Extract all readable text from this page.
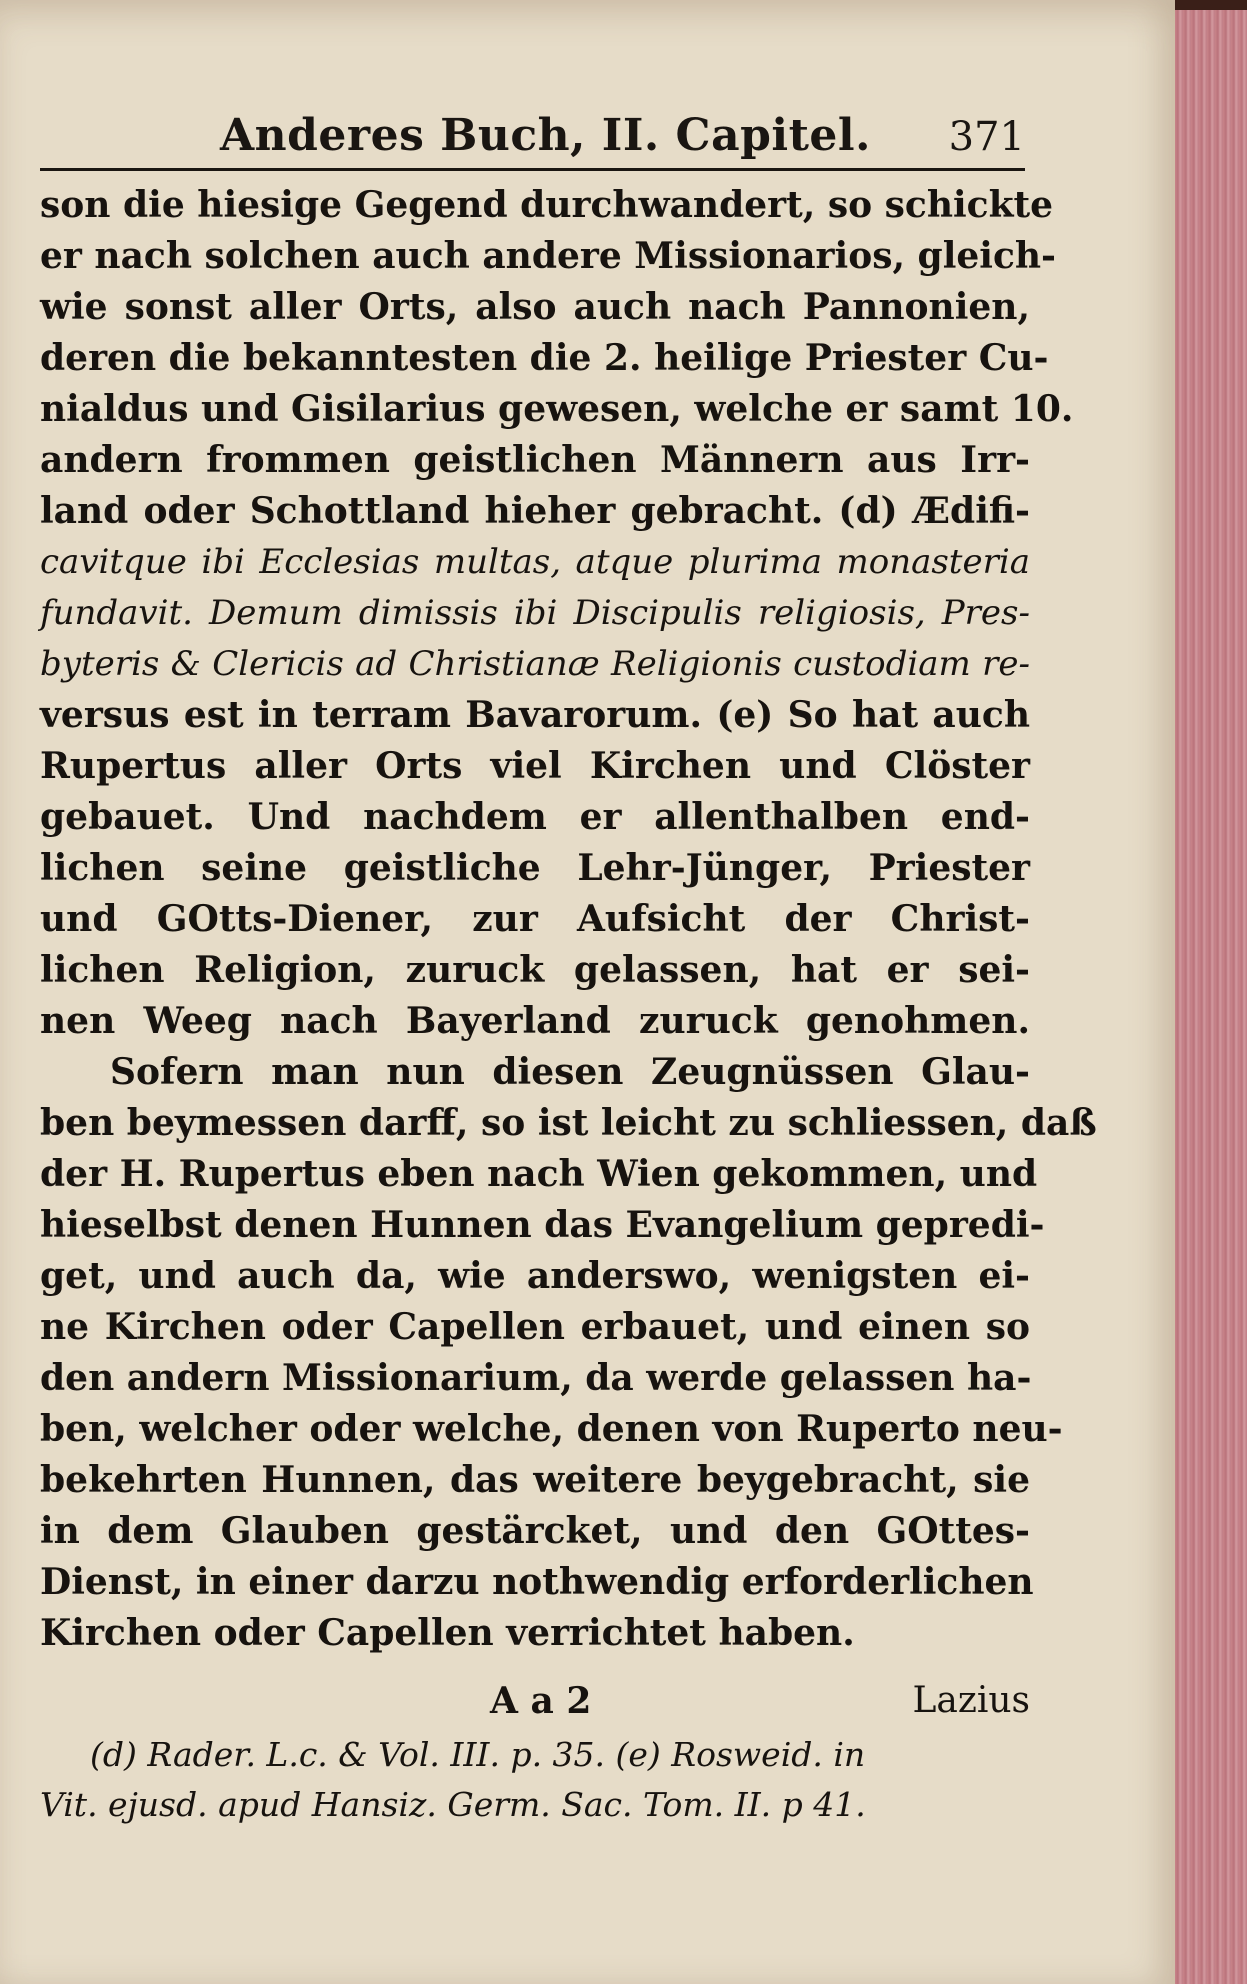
Anderes Buch, II. Capitel. 371
son die hiesige Gegend durchwandert, so schickte
er nach solchen auch andere Missionarios, gleich-
wie sonst aller Orts, also auch nach Pannonien,
deren die bekanntesten die 2. heilige Priester Cu-
nialdus und Gisilarius gewesen, welche er samt 10.
andern frommen geistlichen Männern aus Irr-
land oder Schottland hieher gebracht. (d) Ædifi-
cavitque ibi Ecclesias multas, atque plurima monasteria
fundavit. Demum dimissis ibi Discipulis religiosis, Pres-
byteris & Clericis ad Christianæ Religionis custodiam re-
versus est in terram Bavarorum. (e) So hat auch
Rupertus aller Orts viel Kirchen und Clöster
gebauet. Und nachdem er allenthalben end-
lichen seine geistliche Lehr-Jünger, Priester
und GOtts-Diener, zur Aufsicht der Christ-
lichen Religion, zuruck gelassen, hat er sei-
nen Weeg nach Bayerland zuruck genohmen.
Sofern man nun diesen Zeugnüssen Glau-
ben beymessen darff, so ist leicht zu schliessen, daß
der H. Rupertus eben nach Wien gekommen, und
hieselbst denen Hunnen das Evangelium gepredi-
get, und auch da, wie anderswo, wenigsten ei-
ne Kirchen oder Capellen erbauet, und einen so
den andern Missionarium, da werde gelassen ha-
ben, welcher oder welche, denen von Ruperto neu-
bekehrten Hunnen, das weitere beygebracht, sie
in dem Glauben gestärcket, und den GOttes-
Dienst, in einer darzu nothwendig erforderlichen
Kirchen oder Capellen verrichtet haben.
A a 2	Lazius
(d) Rader. L.c. & Vol. III. p. 35. (e) Rosweid. in
Vit. ejusd. apud Hansiz. Germ. Sac. Tom. II. p 41.
